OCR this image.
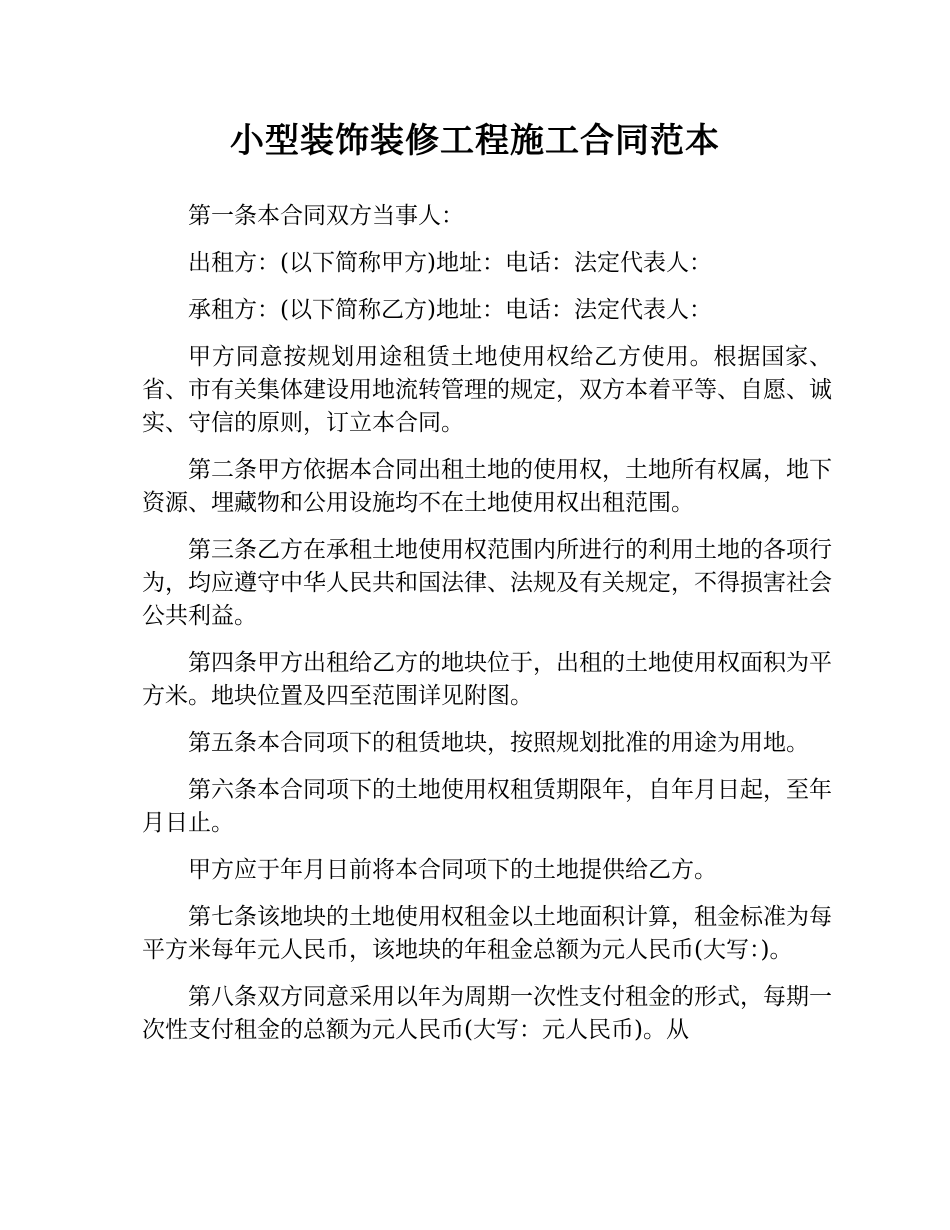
小型装饰装修工程施工合同范本

第一条本合同双方当事人：

出租方：(以下简称甲方)地址：电话：法定代表人：

承租方：(以下简称乙方)地址：电话：法定代表人：

甲方同意按规划用途租赁土地使用权给乙方使用。根据国家、省、市有关集体建设用地流转管理的规定，双方本着平等、自愿、诚实、守信的原则，订立本合同。

第二条甲方依据本合同出租土地的使用权，土地所有权属，地下资源、埋藏物和公用设施均不在土地使用权出租范围。

第三条乙方在承租土地使用权范围内所进行的利用土地的各项行为，均应遵守中华人民共和国法律、法规及有关规定，不得损害社会公共利益。

第四条甲方出租给乙方的地块位于，出租的土地使用权面积为平方米。地块位置及四至范围详见附图。

第五条本合同项下的租赁地块，按照规划批准的用途为用地。

第六条本合同项下的土地使用权租赁期限年，自年月日起，至年月日止。

甲方应于年月日前将本合同项下的土地提供给乙方。

第七条该地块的土地使用权租金以土地面积计算，租金标准为每平方米每年元人民币，该地块的年租金总额为元人民币(大写：)。

第八条双方同意采用以年为周期一次性支付租金的形式，每期一次性支付租金的总额为元人民币(大写：元人民币)。从
